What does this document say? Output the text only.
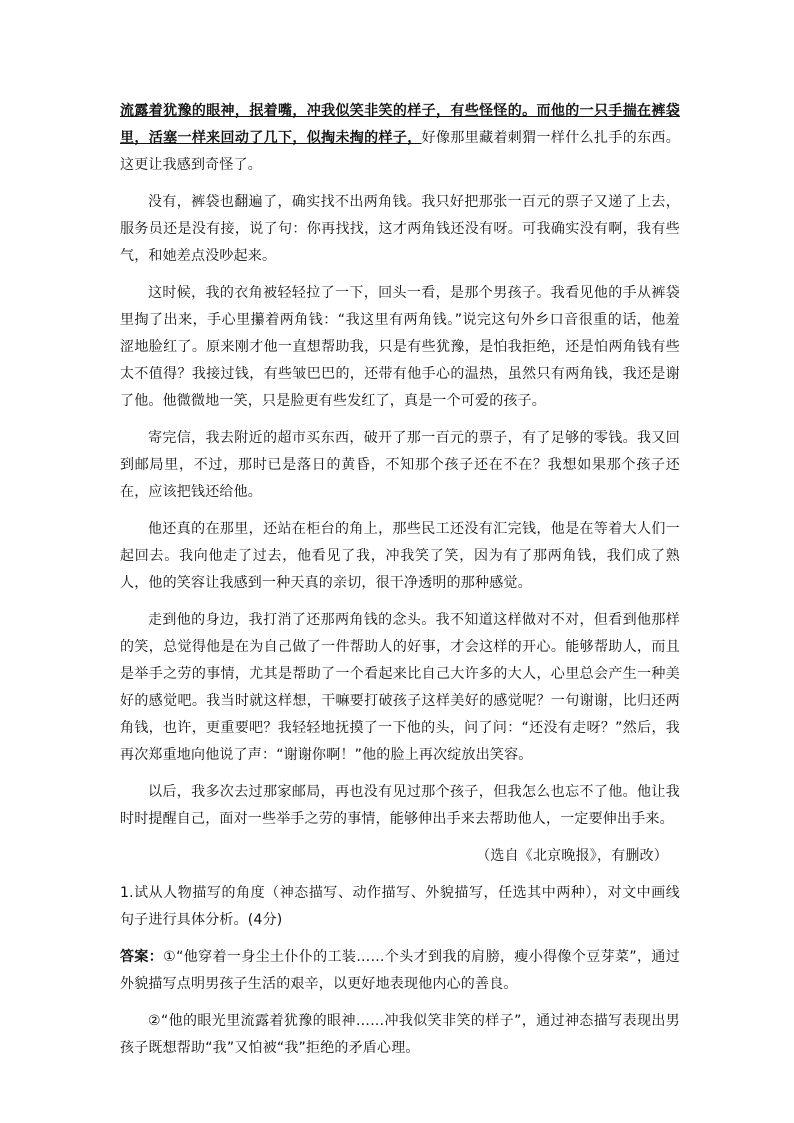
流露着犹豫的眼神，抿着嘴，冲我似笑非笑的样子，有些怪怪的。而他的一只手揣在裤袋里，活塞一样来回动了几下，似掏未掏的样子，好像那里藏着刺猬一样什么扎手的东西。这更让我感到奇怪了。

没有，裤袋也翻遍了，确实找不出两角钱。我只好把那张一百元的票子又递了上去，服务员还是没有接，说了句：你再找找，这才两角钱还没有呀。可我确实没有啊，我有些气，和她差点没吵起来。

这时候，我的衣角被轻轻拉了一下，回头一看，是那个男孩子。我看见他的手从裤袋里掏了出来，手心里攥着两角钱：“我这里有两角钱。”说完这句外乡口音很重的话，他羞涩地脸红了。原来刚才他一直想帮助我，只是有些犹豫，是怕我拒绝，还是怕两角钱有些太不值得？我接过钱，有些皱巴巴的，还带有他手心的温热，虽然只有两角钱，我还是谢了他。他微微地一笑，只是脸更有些发红了，真是一个可爱的孩子。

寄完信，我去附近的超市买东西，破开了那一百元的票子，有了足够的零钱。我又回到邮局里，不过，那时已是落日的黄昏，不知那个孩子还在不在？我想如果那个孩子还在，应该把钱还给他。

他还真的在那里，还站在柜台的角上，那些民工还没有汇完钱，他是在等着大人们一起回去。我向他走了过去，他看见了我，冲我笑了笑，因为有了那两角钱，我们成了熟人，他的笑容让我感到一种天真的亲切，很干净透明的那种感觉。

走到他的身边，我打消了还那两角钱的念头。我不知道这样做对不对，但看到他那样的笑，总觉得他是在为自己做了一件帮助人的好事，才会这样的开心。能够帮助人，而且是举手之劳的事情，尤其是帮助了一个看起来比自己大许多的大人，心里总会产生一种美好的感觉吧。我当时就这样想，干嘛要打破孩子这样美好的感觉呢？一句谢谢，比归还两角钱，也许，更重要吧？我轻轻地抚摸了一下他的头，问了问：“还没有走呀？”然后，我再次郑重地向他说了声：“谢谢你啊！”他的脸上再次绽放出笑容。

以后，我多次去过那家邮局，再也没有见过那个孩子，但我怎么也忘不了他。他让我时时提醒自己，面对一些举手之劳的事情，能够伸出手来去帮助他人，一定要伸出手来。

（选自《北京晚报》，有删改）

1.试从人物描写的角度（神态描写、动作描写、外貌描写，任选其中两种），对文中画线句子进行具体分析。(4分)

答案：①“他穿着一身尘土仆仆的工装……个头才到我的肩膀，瘦小得像个豆芽菜”，通过外貌描写点明男孩子生活的艰辛，以更好地表现他内心的善良。

②“他的眼光里流露着犹豫的眼神……冲我似笑非笑的样子”，通过神态描写表现出男孩子既想帮助“我”又怕被“我”拒绝的矛盾心理。
